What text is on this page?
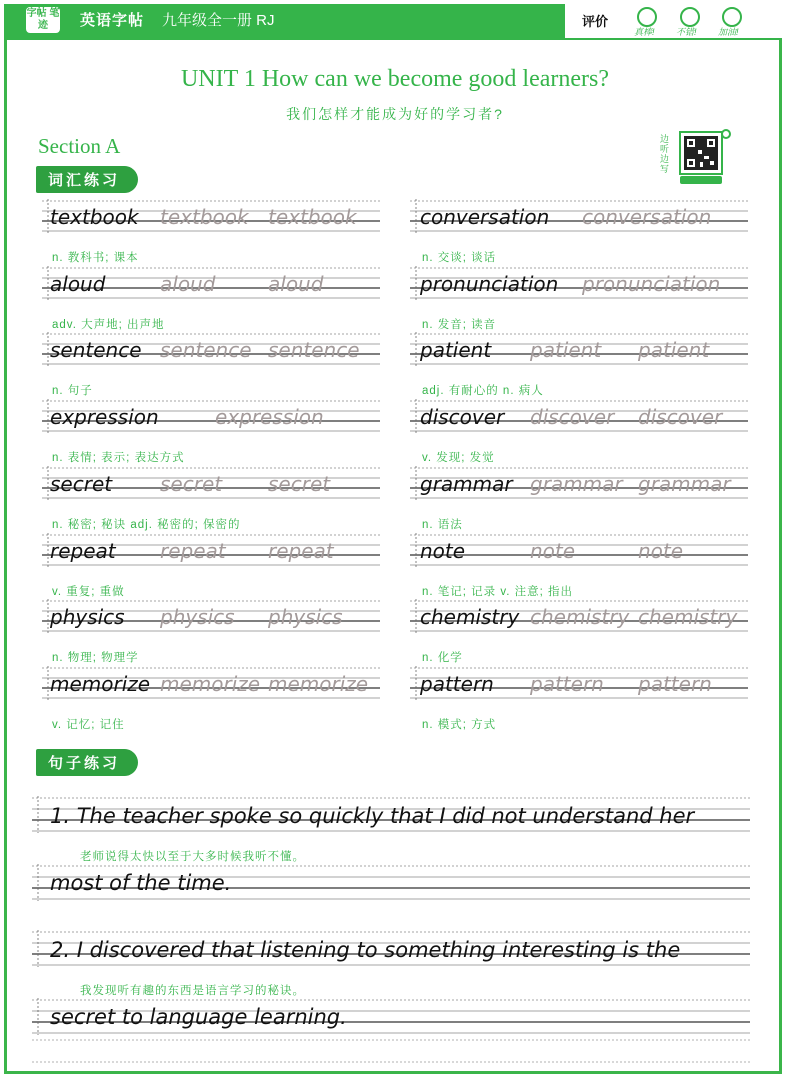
字帖 笔迹	英语字帖 九年级全一册 RJ	评价
真棒! 不错! 加油!
UNIT 1 How can we become good learners?
我们怎样才能成为好的学习者?
Section A	边听边写
词汇练习
textbook textbook textbook
n. 教科书; 课本
conversation conversation
n. 交谈; 谈话
aloud	aloud	aloud
adv. 大声地; 出声地
pronunciation pronunciation
n. 发音; 读音
sentence sentence sentence
n. 句子
patient patient patient
adj. 有耐心的 n. 病人
expression	expression
n. 表情; 表示; 表达方式
discover discover discover
v. 发现; 发觉
secret secret secret
n. 秘密; 秘诀 adj. 秘密的; 保密的
grammar grammar grammar
n. 语法
repeat repeat repeat
v. 重复; 重做
note	note	note
n. 笔记; 记录 v. 注意; 指出
physics physics physics
n. 物理; 物理学
chemistry chemistry chemistry
n. 化学
memorize memorize memorize
v. 记忆; 记住
pattern pattern pattern
n. 模式; 方式
句子练习
1. The teacher spoke so quickly that I did not understand her
老师说得太快以至于大多时候我听不懂。
most of the time.
2. I discovered that listening to something interesting is the
我发现听有趣的东西是语言学习的秘诀。
secret to language learning.
